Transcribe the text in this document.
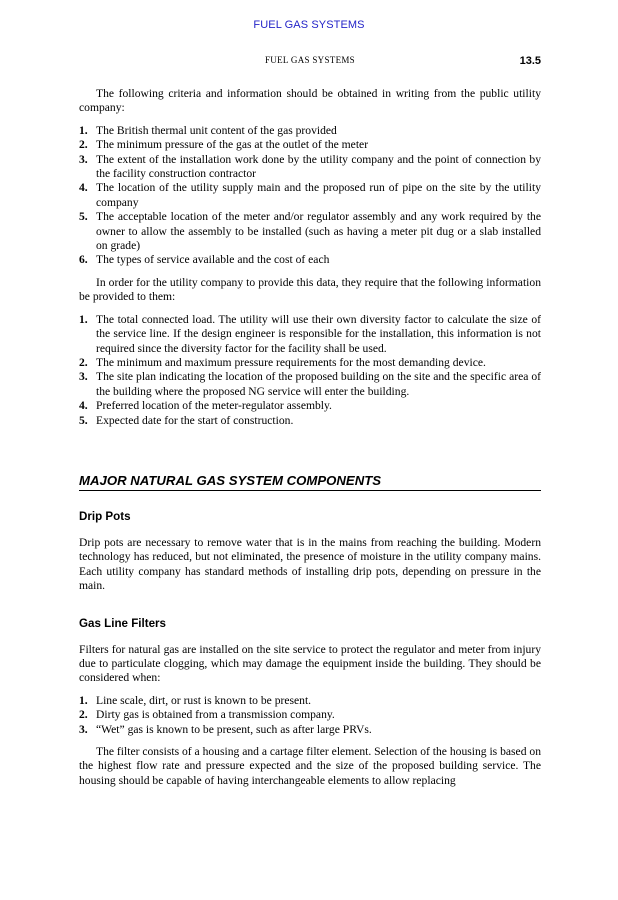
FUEL GAS SYSTEMS
FUEL GAS SYSTEMS	13.5

The following criteria and information should be obtained in writing from the public utility company:

1. The British thermal unit content of the gas provided
2. The minimum pressure of the gas at the outlet of the meter
3. The extent of the installation work done by the utility company and the point of connection by the facility construction contractor
4. The location of the utility supply main and the proposed run of pipe on the site by the utility company
5. The acceptable location of the meter and/or regulator assembly and any work required by the owner to allow the assembly to be installed (such as having a meter pit dug or a slab installed on grade)
6. The types of service available and the cost of each

In order for the utility company to provide this data, they require that the following information be provided to them:

1. The total connected load. The utility will use their own diversity factor to calculate the size of the service line. If the design engineer is responsible for the installation, this information is not required since the diversity factor for the facility shall be used.
2. The minimum and maximum pressure requirements for the most demanding device.
3. The site plan indicating the location of the proposed building on the site and the specific area of the building where the proposed NG service will enter the building.
4. Preferred location of the meter-regulator assembly.
5. Expected date for the start of construction.
MAJOR NATURAL GAS SYSTEM COMPONENTS
Drip Pots

Drip pots are necessary to remove water that is in the mains from reaching the building. Modern technology has reduced, but not eliminated, the presence of moisture in the utility company mains. Each utility company has standard methods of installing drip pots, depending on pressure in the main.

Gas Line Filters

Filters for natural gas are installed on the site service to protect the regulator and meter from injury due to particulate clogging, which may damage the equipment inside the building. They should be considered when:

1. Line scale, dirt, or rust is known to be present.
2. Dirty gas is obtained from a transmission company.
3. “Wet” gas is known to be present, such as after large PRVs.

The filter consists of a housing and a cartage filter element. Selection of the housing is based on the highest flow rate and pressure expected and the size of the proposed building service. The housing should be capable of having interchangeable elements to allow replacing
